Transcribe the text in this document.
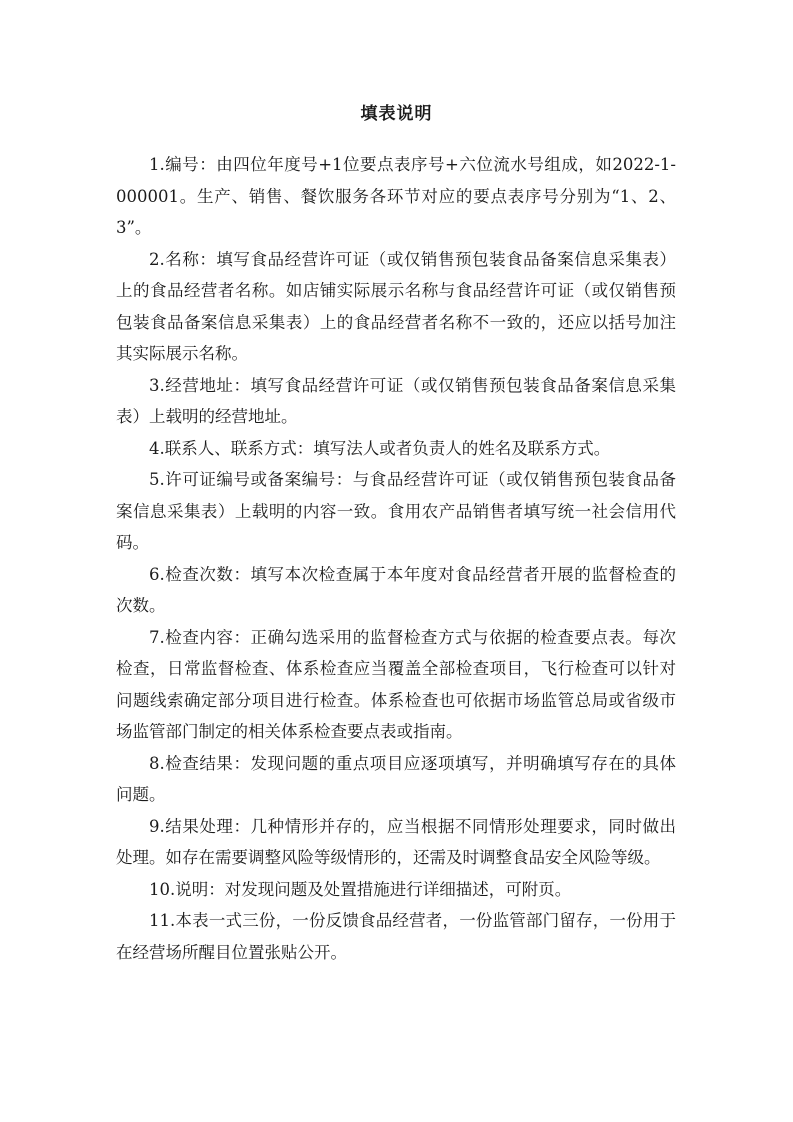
填表说明

1.编号：由四位年度号+1位要点表序号+六位流水号组成，如2022-1-000001。生产、销售、餐饮服务各环节对应的要点表序号分别为“1、2、3”。

2.名称：填写食品经营许可证（或仅销售预包装食品备案信息采集表）上的食品经营者名称。如店铺实际展示名称与食品经营许可证（或仅销售预包装食品备案信息采集表）上的食品经营者名称不一致的，还应以括号加注其实际展示名称。

3.经营地址：填写食品经营许可证（或仅销售预包装食品备案信息采集表）上载明的经营地址。

4.联系人、联系方式：填写法人或者负责人的姓名及联系方式。

5.许可证编号或备案编号：与食品经营许可证（或仅销售预包装食品备案信息采集表）上载明的内容一致。食用农产品销售者填写统一社会信用代码。

6.检查次数：填写本次检查属于本年度对食品经营者开展的监督检查的次数。

7.检查内容：正确勾选采用的监督检查方式与依据的检查要点表。每次检查，日常监督检查、体系检查应当覆盖全部检查项目，飞行检查可以针对问题线索确定部分项目进行检查。体系检查也可依据市场监管总局或省级市场监管部门制定的相关体系检查要点表或指南。

8.检查结果：发现问题的重点项目应逐项填写，并明确填写存在的具体问题。

9.结果处理：几种情形并存的，应当根据不同情形处理要求，同时做出处理。如存在需要调整风险等级情形的，还需及时调整食品安全风险等级。

10.说明：对发现问题及处置措施进行详细描述，可附页。

11.本表一式三份，一份反馈食品经营者，一份监管部门留存，一份用于在经营场所醒目位置张贴公开。
